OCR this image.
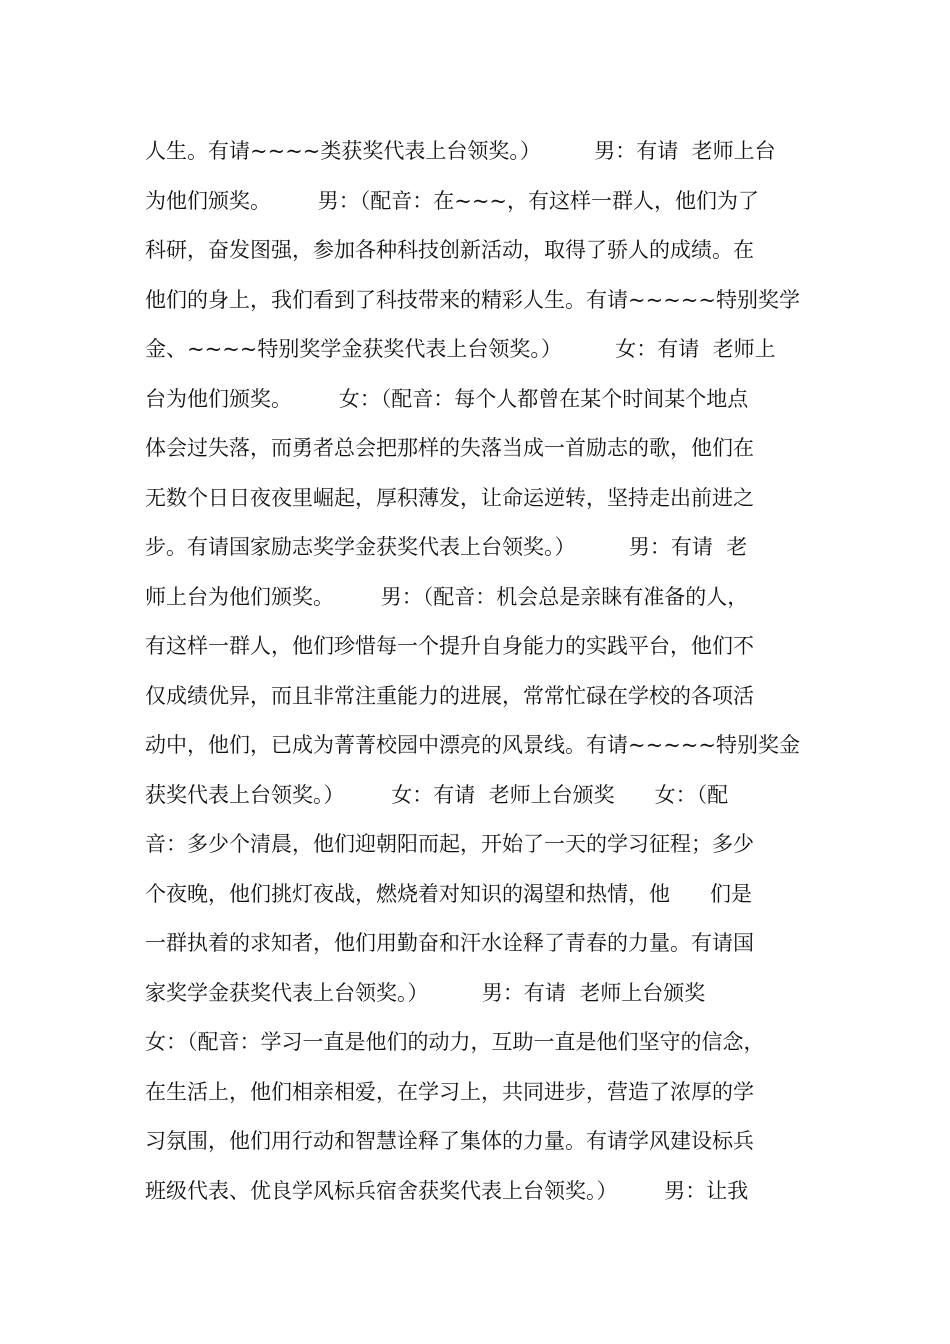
人生。有请~~~~类获奖代表上台领奖。）        男：有请  老师上台
为他们颁奖。       男：（配音：在~~~，有这样一群人，他们为了
科研，奋发图强，参加各种科技创新活动，取得了骄人的成绩。在
他们的身上，我们看到了科技带来的精彩人生。有请~~~~~特别奖学
金、~~~~特别奖学金获奖代表上台领奖。）        女：有请  老师上
台为他们颁奖。       女：（配音：每个人都曾在某个时间某个地点
体会过失落，而勇者总会把那样的失落当成一首励志的歌，他们在
无数个日日夜夜里崛起，厚积薄发，让命运逆转，坚持走出前进之
步。有请国家励志奖学金获奖代表上台领奖。）        男：有请  老
师上台为他们颁奖。       男：（配音：机会总是亲睐有准备的人，
有这样一群人，他们珍惜每一个提升自身能力的实践平台，他们不
仅成绩优异，而且非常注重能力的进展，常常忙碌在学校的各项活
动中，他们，已成为菁菁校园中漂亮的风景线。有请~~~~~特别奖金
获奖代表上台领奖。）       女：有请  老师上台颁奖      女：（配
音：多少个清晨，他们迎朝阳而起，开始了一天的学习征程；多少
个夜晚，他们挑灯夜战，燃烧着对知识的渴望和热情，他      们是
一群执着的求知者，他们用勤奋和汗水诠释了青春的力量。有请国
家奖学金获奖代表上台领奖。）        男：有请  老师上台颁奖
女：（配音：学习一直是他们的动力，互助一直是他们坚守的信念，
在生活上，他们相亲相爱，在学习上，共同进步，营造了浓厚的学
习氛围，他们用行动和智慧诠释了集体的力量。有请学风建设标兵
班级代表、优良学风标兵宿舍获奖代表上台领奖。）       男：让我
